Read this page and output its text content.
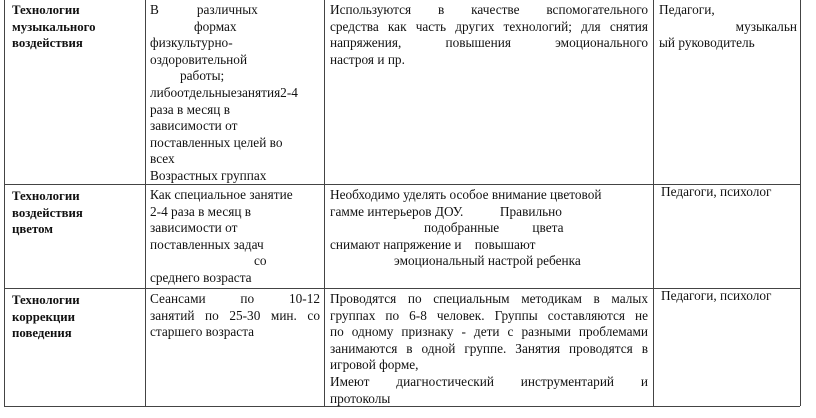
Технологии
музыкального
воздействия
В	различных
формах
физкультурно-
оздоровительной
работы;
либоотдельныезанятия2-4
раза в месяц в
зависимости от
поставленных целей во
всех
Возрастных группах
Используются в качестве вспомогательного
средства как часть других технологий; для снятия
напряжения, повышения эмоционального
настроя и пр.
Педагоги,
музыкальн
ый руководитель
Технологии
воздействия
цветом
Как специальное занятие
2-4 раза в месяц в
зависимости от
поставленных задач
со
среднего возраста
Необходимо уделять особое внимание цветовой
гамме интерьеров ДОУ.           Правильно
подобранные          цвета
снимают напряжение и    повышают
эмоциональный настрой ребенка
Педагоги, психолог
Технологии
коррекции
поведения
Сеансами по 10-12
занятий по 25-30 мин. со
старшего возраста
Проводятся по специальным методикам в малых
группах по 6-8 человек. Группы составляются не
по одному признаку - дети с разными проблемами
занимаются в одной группе. Занятия проводятся в
игровой форме,
Имеют диагностический инструментарий и
протоколы
Педагоги, психолог
